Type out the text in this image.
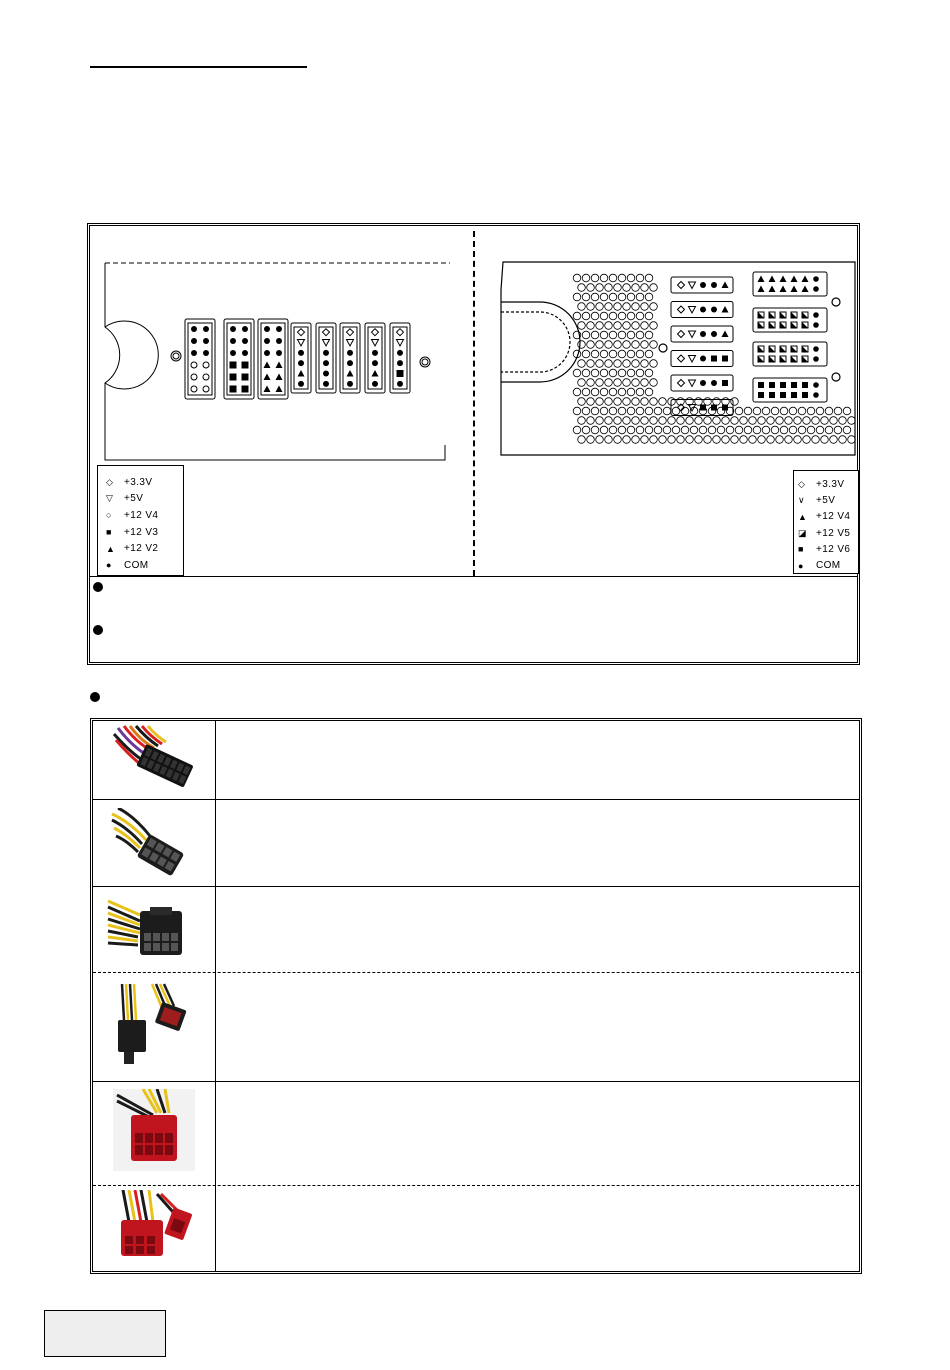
◇	+3.3V
▽	+5V
○	+12 V4
■	+12 V3
▲ +12 V2
●	COM
◇	+3.3V
∨	+5V
▲ +12 V4
◪ +12 V5
■	+12 V6
●	COM
